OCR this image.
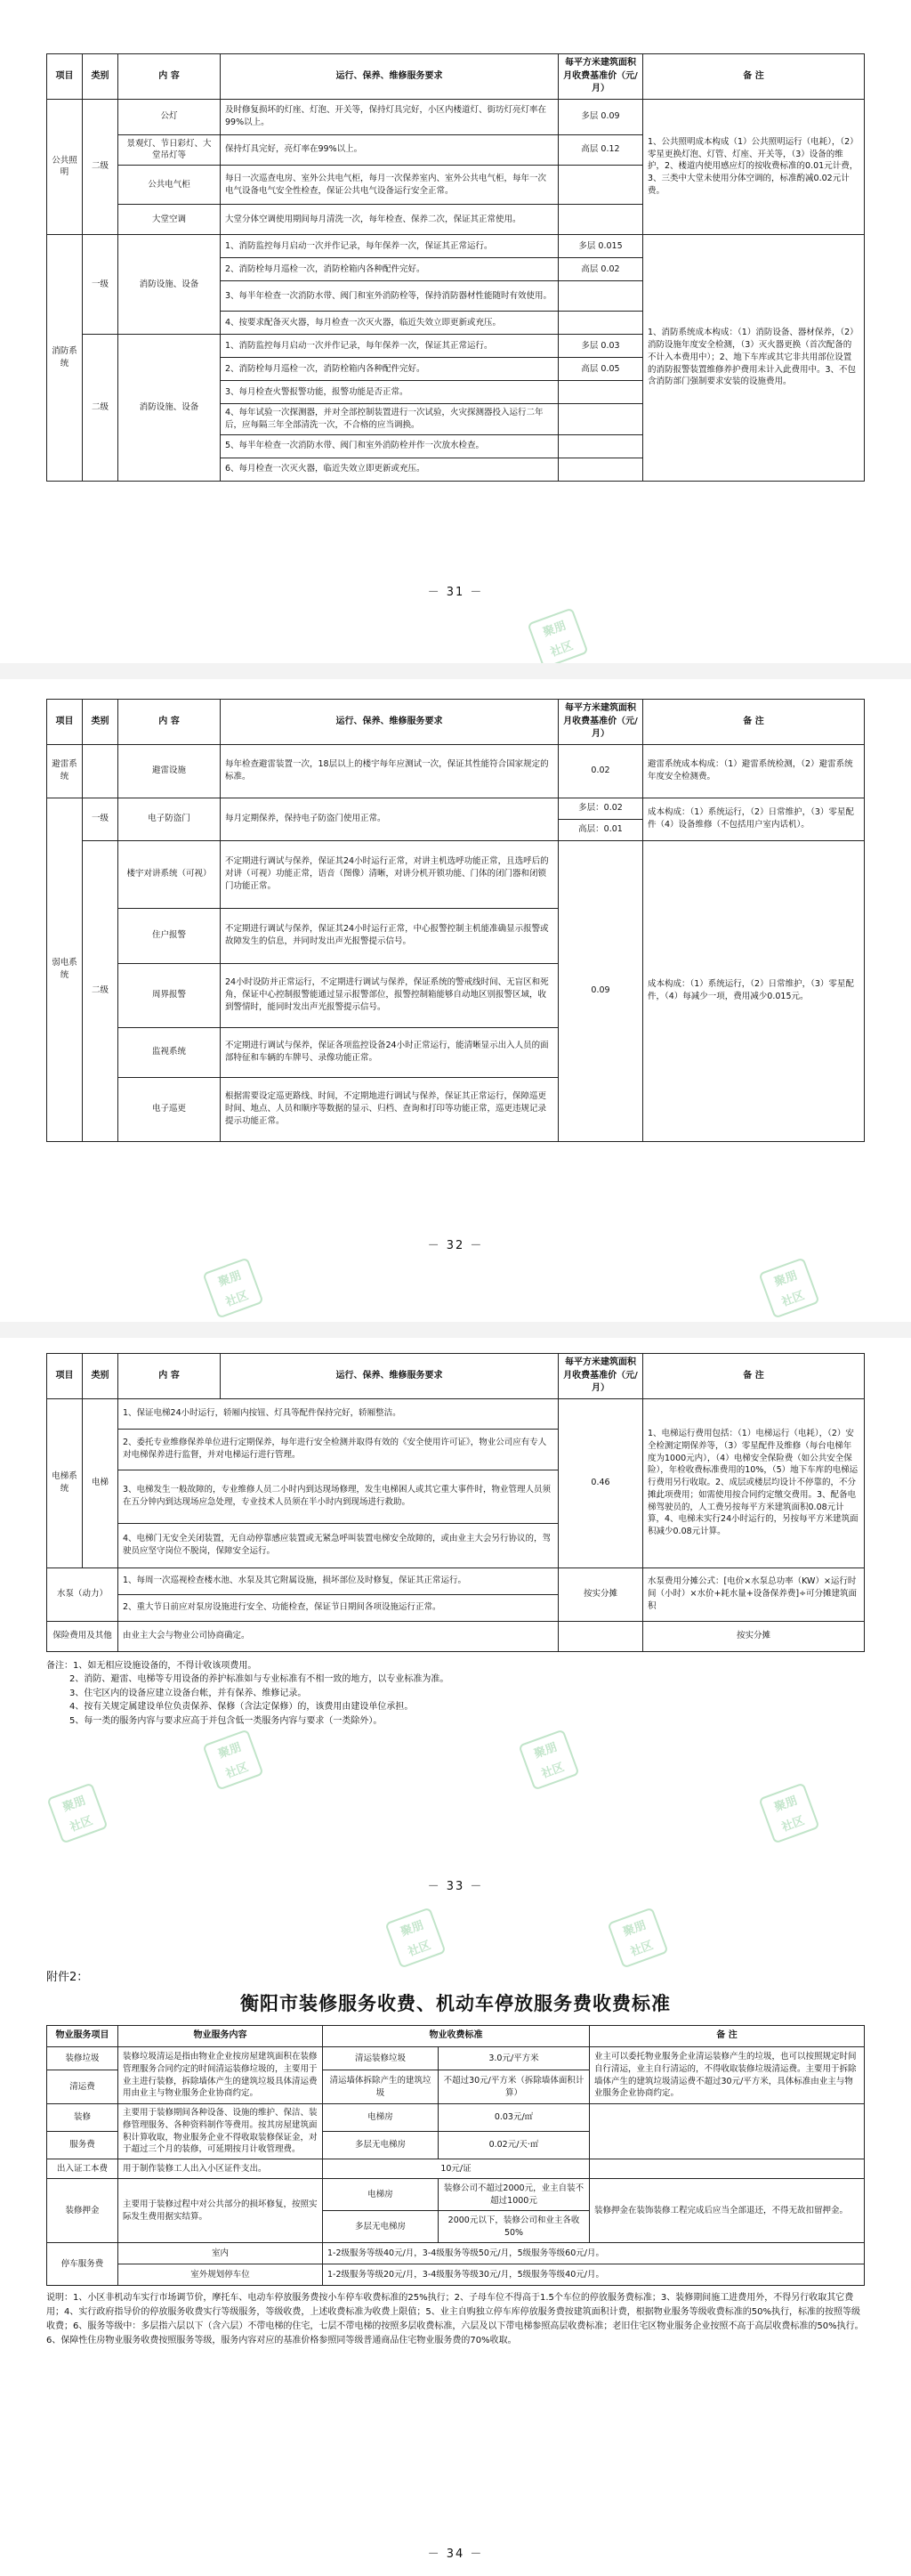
项目	类别	内 容	运行、保养、维修服务要求	每平方米建筑面积月收费基准价（元/月）	备 注
公共照明	二级	公灯	及时修复损坏的灯座、灯泡、开关等，保持灯具完好，小区内楼道灯、街坊灯亮灯率在99%以上。	多层 0.09	1、公共照明成本构成（1）公共照明运行（电耗），（2）零星更换灯泡、灯管、灯座、开关等，（3）设备的维护，2、楼道内使用感应灯的按收费标准的0.01元计费，3、三类中大堂未使用分体空调的，标准酌减0.02元计费。
		景观灯、节日彩灯、大堂吊灯等	保持灯具完好，亮灯率在99%以上。	高层 0.12	
		公共电气柜	每日一次巡查电房、室外公共电气柜，每月一次保养室内、室外公共电气柜，每年一次电气设备电气安全性检查，保证公共电气设备运行安全正常。		
		大堂空调	大堂分体空调使用期间每月清洗一次，每年检查、保养二次，保证其正常使用。		
消防系统	一级	消防设施、设备	1、消防监控每月启动一次并作记录，每年保养一次，保证其正常运行。	多层 0.015	1、消防系统成本构成：（1）消防设备、器材保养，（2）消防设施年度安全检测，（3）灭火器更换（首次配备的不计入本费用中）；2、地下车库或其它非共用部位设置的消防报警装置维修养护费用未计入此费用中。3、不包含消防部门强制要求安装的设施费用。
			2、消防栓每月巡检一次，消防栓箱内各种配件完好。	高层 0.02	
			3、每半年检查一次消防水带、阀门和室外消防栓等，保持消防器材性能随时有效使用。		
			4、按要求配备灭火器，每月检查一次灭火器，临近失效立即更新或充压。		
	二级	消防设施、设备	1、消防监控每月启动一次并作记录，每年保养一次，保证其正常运行。	多层 0.03	
			2、消防栓每月巡检一次，消防栓箱内各种配件完好。	高层 0.05	
			3、每月检查火警报警功能，报警功能是否正常。		
			4、每年试验一次探测器，并对全部控制装置进行一次试验，火灾探测器投入运行二年后，应每隔三年全部清洗一次，不合格的应当调换。		
			5、每半年检查一次消防水带、阀门和室外消防栓并作一次放水检查。		
			6、每月检查一次灭火器，临近失效立即更新或充压。		
－ 31 －
聚朋
社区
项目	类别	内 容	运行、保养、维修服务要求	每平方米建筑面积月收费基准价（元/月）	备 注
避雷系统		避雷设施	每年检查避雷装置一次，18层以上的楼宇每年应测试一次，保证其性能符合国家规定的标准。	0.02	避雷系统成本构成：（1）避雷系统检测，（2）避雷系统年度安全检测费。
弱电系统	一级	电子防盗门	每月定期保养，保持电子防盗门使用正常。	多层：0.02	成本构成：（1）系统运行，（2）日常维护，（3）零星配件（4）设备维修（不包括用户室内话机）。
				高层：0.01	
	二级	楼宇对讲系统（可视）	不定期进行调试与保养，保证其24小时运行正常，对讲主机选呼功能正常，且选呼后的对讲（可视）功能正常，语音（图像）清晰，对讲分机开锁功能、门体的闭门器和闭锁门功能正常。	0.09	成本构成：（1）系统运行，（2）日常维护，（3）零星配件，（4）每减少一项，费用减少0.015元。
		住户报警	不定期进行调试与保养，保证其24小时运行正常，中心报警控制主机能准确显示报警或故障发生的信息，并同时发出声光报警提示信号。		
		周界报警	24小时设防并正常运行，不定期进行调试与保养，保证系统的警戒线时间、无盲区和死角，保证中心控制报警能通过显示报警部位，报警控制箱能够自动地区别报警区域，收到警情时，能同时发出声光报警提示信号。		
		监视系统	不定期进行调试与保养，保证各项监控设备24小时正常运行，能清晰显示出入人员的面部特征和车辆的车牌号、录像功能正常。		
		电子巡更	根据需要设定巡更路线、时间，不定期地进行调试与保养，保证其正常运行，保障巡更时间、地点、人员和顺序等数据的显示、归档、查询和打印等功能正常，巡更违规记录提示功能正常。		
－ 32 －
聚朋
社区
聚朋
社区
项目	类别	内 容	运行、保养、维修服务要求	每平方米建筑面积月收费基准价（元/月）	备 注
电梯系统	电梯	1、保证电梯24小时运行，轿厢内按钮、灯具等配件保持完好，轿厢整洁。		0.46	1、电梯运行费用包括：（1）电梯运行（电耗），（2）安全检测定期保养等，（3）零星配件及维修（每台电梯年度为1000元内），（4）电梯安全保险费（如公共安全保险），年检收费标准费用的10%，（5）地下车库的电梯运行费用另行收取。2、成层或楼层均设计不停靠的，不分摊此项费用；如需使用按合同约定缴交费用。3、配备电梯驾驶员的，人工费另按每平方米建筑面积0.08元计算，4、电梯未实行24小时运行的，另按每平方米建筑面积减少0.08元计算。
		2、委托专业维修保养单位进行定期保养，每年进行安全检测并取得有效的《安全使用许可证》，物业公司应有专人对电梯保养进行监督，并对电梯运行进行管理。			
		3、电梯发生一般故障的，专业维修人员二小时内到达现场修理，发生电梯困人或其它重大事件时，物业管理人员须在五分钟内到达现场应急处理，专业技术人员须在半小时内到现场进行救助。			
		4、电梯门无安全关闭装置，无自动停靠感应装置或无紧急呼叫装置电梯安全故障的，或由业主大会另行协议的，驾驶员应坚守岗位不脱岗，保障安全运行。			
水泵（动力）		1、每周一次巡视检查楼水池、水泵及其它附属设施，损坏部位及时修复，保证其正常运行。		按实分摊	水泵费用分摊公式：[电价×水泵总功率（KW）×运行时间（小时）×水价+耗水量+设备保养费]÷可分摊建筑面积
		2、重大节日前应对泵房设施进行安全、功能检查，保证节日期间各项设施运行正常。			
保险费用及其他		由业主大会与物业公司协商确定。			按实分摊

备注：1、如无相应设施设备的，不得计收该项费用。

2、消防、避雷、电梯等专用设备的养护标准如与专业标准有不相一致的地方，以专业标准为准。

3、住宅区内的设备应建立设备台帐，并有保养、维修记录。

4、按有关规定属建设单位负责保养、保修（含法定保修）的，该费用由建设单位承担。

5、每一类的服务内容与要求应高于并包含低一类服务内容与要求（一类除外）。

聚朋
社区
聚朋
社区
聚朋
社区
聚朋
社区
－ 33 －
聚朋
社区
聚朋
社区
附件2：
衡阳市装修服务收费、机动车停放服务费收费标准
物业服务项目	物业服务内容	物业收费标准		备 注
装修垃圾	装修垃圾清运是指由物业企业按房屋建筑面积在装修管理服务合同约定的时间清运装修垃圾的，主要用于业主进行装修，拆除墙体产生的建筑垃圾具体清运费用由业主与物业服务企业协商约定。	清运装修垃圾	3.0元/平方米	业主可以委托物业服务企业清运装修产生的垃圾，也可以按照规定时间自行清运，业主自行清运的，不得收取装修垃圾清运费。主要用于拆除墙体产生的建筑垃圾清运费不超过30元/平方米，具体标准由业主与物业服务企业协商约定。
清运费		清运墙体拆除产生的建筑垃圾	不超过30元/平方米（拆除墙体面积计算）	
装修	主要用于装修期间各种设备、设施的维护、保洁、装修管理服务、各种资料制作等费用。按其房屋建筑面积计算收取，物业服务企业不得收取装修保证金，对于超过三个月的装修，可延期按月计收管理费。	电梯房	0.03元/㎡	
服务费		多层无电梯房	0.02元/天·㎡	
出入证工本费	用于制作装修工人出入小区证件支出。	10元/证		
装修押金	主要用于装修过程中对公共部分的损坏修复，按照实际发生费用据实结算。	电梯房	装修公司不超过2000元，业主自装不超过1000元	装修押金在装饰装修工程完成后应当全部退还，不得无故扣留押金。
		多层无电梯房	2000元以下，装修公司和业主各收50%	
停车服务费	室内	1-2级服务等级40元/月，3-4级服务等级50元/月，5级服务等级60元/月。		
	室外规划停车位	1-2级服务等级20元/月，3-4级服务等级30元/月，5级服务等级40元/月。		

说明：1、小区非机动车实行市场调节价，摩托车、电动车停放服务费按小车停车收费标准的25%执行；2、子母车位不得高于1.5个车位的停放服务费标准；3、装修期间施工进费用外，不得另行收取其它费用；4、实行政府指导价的停放服务收费实行等级服务，等级收费，上述收费标准为收费上限值；5、业主自购独立停车库停放服务费按建筑面积计费，根据物业服务等级收费标准的50%执行，标准的按照等级收费；6、服务等级中：多层指六层以下（含六层）不带电梯的住宅，七层不带电梯的按照多层收费标准，六层及以下带电梯参照高层收费标准；老旧住宅区物业服务企业按照不高于高层收费标准的50%执行。6、保障性住房物业服务收费按照服务等级，服务内容对应的基准价格参照同等级普通商品住宅物业服务费的70%收取。

－ 34 －
